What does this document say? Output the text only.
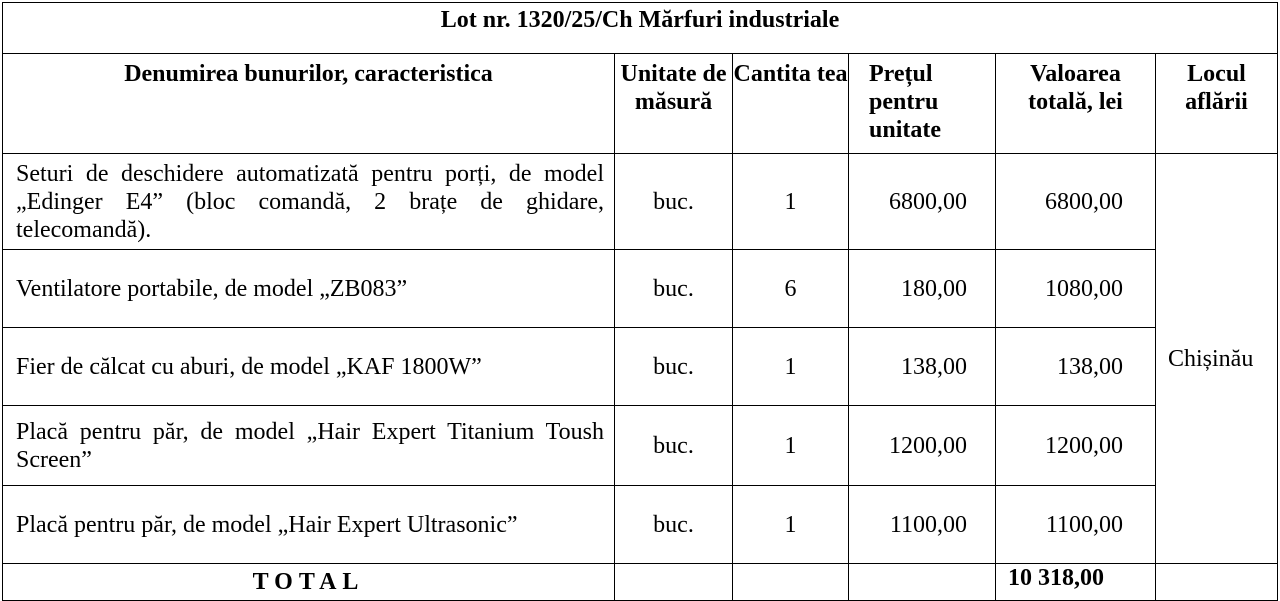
Lot nr. 1320/25/Ch Mărfuri industriale					
Denumirea bunurilor, caracteristica	Unitate de măsură	Cantita tea	Prețul pentru unitate	Valoarea totală, lei	Locul aflării
Seturi de deschidere automatizată pentru porți, de model „Edinger E4” (bloc comandă, 2 brațe de ghidare, telecomandă).	buc.	1	6800,00	6800,00	Chișinău
Ventilatore portabile, de model „ZB083”	buc.	6	180,00	1080,00	
Fier de călcat cu aburi, de model „KAF 1800W”	buc.	1	138,00	138,00	
Placă pentru păr, de model „Hair Expert Titanium Toush Screen”	buc.	1	1200,00	1200,00	
Placă pentru păr, de model „Hair Expert Ultrasonic”	buc.	1	1100,00	1100,00	
TOTAL				10 318,00	
